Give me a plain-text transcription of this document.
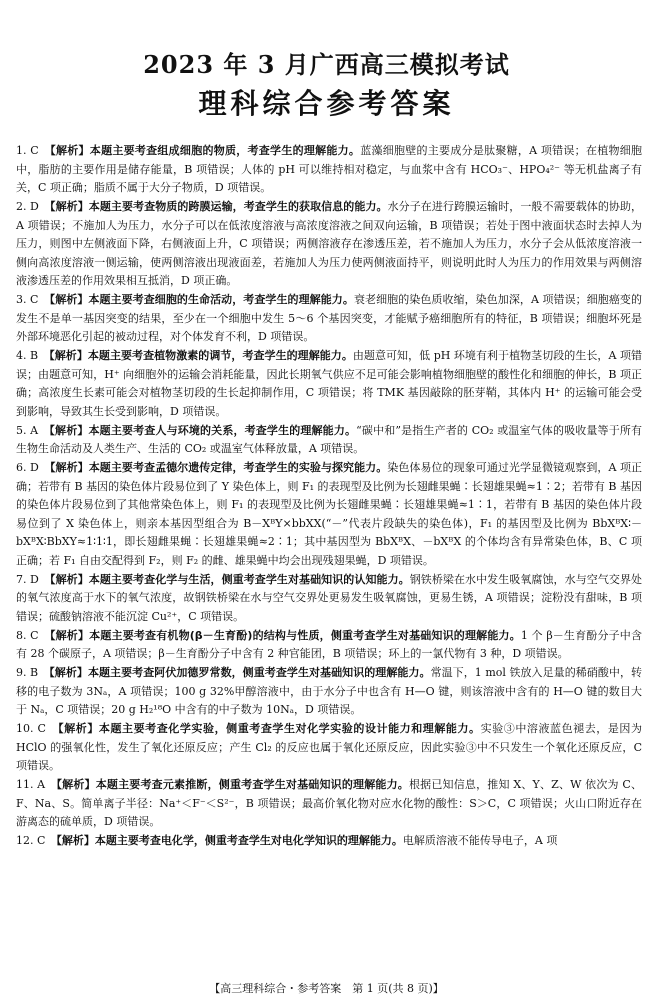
2023 年 3 月广西高三模拟考试
理科综合参考答案
1. C　 【解析】本题主要考查组成细胞的物质，考查学生的理解能力。蓝藻细胞壁的主要成分是肽聚糖，A 项错误；在植物细胞中，脂肪的主要作用是储存能量，B 项错误；人体的 pH 可以维持相对稳定，与血浆中含有 HCO₃⁻、HPO₄²⁻ 等无机盐离子有关，C 项正确；脂质不属于大分子物质，D 项错误。
2. D　 【解析】本题主要考查物质的跨膜运输，考查学生的获取信息的能力。水分子在进行跨膜运输时，一般不需要载体的协助，A 项错误；不施加人为压力，水分子可以在低浓度溶液与高浓度溶液之间双向运输，B 项错误；若处于图中液面状态时去掉人为压力，则图中左侧液面下降，右侧液面上升，C 项错误；两侧溶液存在渗透压差，若不施加人为压力，水分子会从低浓度溶液一侧向高浓度溶液一侧运输，使两侧溶液出现液面差，若施加人为压力使两侧液面持平，则说明此时人为压力的作用效果与两侧溶液渗透压差的作用效果相互抵消，D 项正确。
3. C　 【解析】本题主要考查细胞的生命活动，考查学生的理解能力。衰老细胞的染色质收缩，染色加深，A 项错误；细胞癌变的发生不是单一基因突变的结果，至少在一个细胞中发生 5～6 个基因突变，才能赋予癌细胞所有的特征，B 项错误；细胞坏死是外部环境恶化引起的被动过程，对个体发育不利，D 项错误。
4. B　 【解析】本题主要考查植物激素的调节，考查学生的理解能力。由题意可知，低 pH 环境有利于植物茎切段的生长，A 项错误；由题意可知，H⁺ 向细胞外的运输会消耗能量，因此长期氧气供应不足可能会影响植物细胞壁的酸性化和细胞的伸长，B 项正确；高浓度生长素可能会对植物茎切段的生长起抑制作用，C 项错误；将 TMK 基因敲除的胚芽鞘，其体内 H⁺ 的运输可能会受到影响，导致其生长受到影响，D 项错误。
5. A　 【解析】本题主要考查人与环境的关系，考查学生的理解能力。“碳中和”是指生产者的 CO₂ 或温室气体的吸收量等于所有生物生命活动及人类生产、生活的 CO₂ 或温室气体释放量，A 项错误。
6. D　 【解析】本题主要考查孟德尔遗传定律，考查学生的实验与探究能力。染色体易位的现象可通过光学显微镜观察到，A 项正确；若带有 B 基因的染色体片段易位到了 Y 染色体上，则 F₁ 的表现型及比例为长翅雌果蝇∶长翅雄果蝇≈1∶2；若带有 B 基因的染色体片段易位到了其他常染色体上，则 F₁ 的表现型及比例为长翅雌果蝇∶长翅雄果蝇≈1∶1，若带有 B 基因的染色体片段易位到了 X 染色体上，则亲本基因型组合为 B－XᴮY×bbXX(“－”代表片段缺失的染色体)，F₁ 的基因型及比例为 BbXᴮX∶－bXᴮX∶BbXY≈1∶1∶1，即长翅雌果蝇∶长翅雄果蝇≈2∶1；其中基因型为 BbXᴮX、－bXᴮX 的个体均含有异常染色体，B、C 项正确；若 F₁ 自由交配得到 F₂，则 F₂ 的雌、雄果蝇中均会出现残翅果蝇，D 项错误。
7. D　 【解析】本题主要考查化学与生活，侧重考查学生对基础知识的认知能力。钢铁桥梁在水中发生吸氧腐蚀，水与空气交界处的氧气浓度高于水下的氧气浓度，故钢铁桥梁在水与空气交界处更易发生吸氧腐蚀，更易生锈，A 项错误；淀粉没有甜味，B 项错误；硫酸钠溶液不能沉淀 Cu²⁺，C 项错误。
8. C　 【解析】本题主要考查有机物(β－生育酚)的结构与性质，侧重考查学生对基础知识的理解能力。1 个 β－生育酚分子中含有 28 个碳原子，A 项错误；β－生育酚分子中含有 2 种官能团，B 项错误；环上的一氯代物有 3 种，D 项错误。
9. B　 【解析】本题主要考查阿伏加德罗常数，侧重考查学生对基础知识的理解能力。常温下，1 mol 铁放入足量的稀硝酸中，转移的电子数为 3Nₐ，A 项错误；100 g 32%甲醇溶液中，由于水分子中也含有 H—O 键，则该溶液中含有的 H—O 键的数目大于 Nₐ，C 项错误；20 g H₂¹⁸O 中含有的中子数为 10Nₐ，D 项错误。
10. C　 【解析】本题主要考查化学实验，侧重考查学生对化学实验的设计能力和理解能力。实验③中溶液蓝色褪去，是因为 HClO 的强氧化性，发生了氧化还原反应；产生 Cl₂ 的反应也属于氧化还原反应，因此实验③中不只发生一个氧化还原反应，C 项错误。
11. A　 【解析】本题主要考查元素推断，侧重考查学生对基础知识的理解能力。根据已知信息，推知 X、Y、Z、W 依次为 C、F、Na、S。简单离子半径：Na⁺＜F⁻＜S²⁻，B 项错误；最高价氧化物对应水化物的酸性：S＞C，C 项错误；火山口附近存在游离态的硫单质，D 项错误。
12. C　 【解析】本题主要考查电化学，侧重考查学生对电化学知识的理解能力。电解质溶液不能传导电子，A 项
【高三理科综合・参考答案　第 1 页(共 8 页)】
